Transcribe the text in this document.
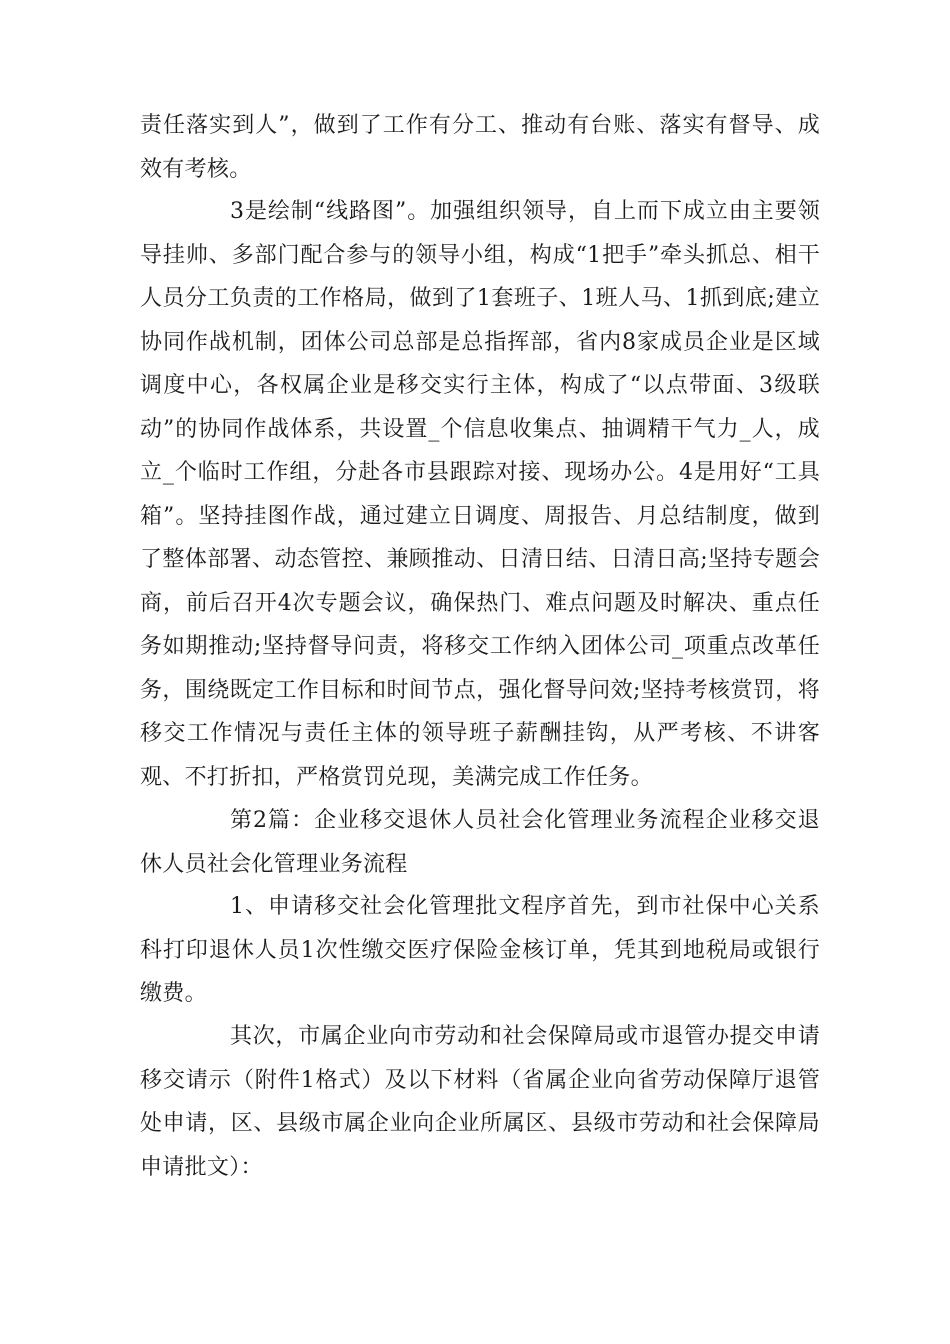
责任落实到人”，做到了工作有分工、推动有台账、落实有督导、成效有考核。

3是绘制“线路图”。加强组织领导，自上而下成立由主要领导挂帅、多部门配合参与的领导小组，构成“1把手”牵头抓总、相干人员分工负责的工作格局，做到了1套班子、1班人马、1抓到底;建立协同作战机制，团体公司总部是总指挥部，省内8家成员企业是区域调度中心，各权属企业是移交实行主体，构成了“以点带面、3级联动”的协同作战体系，共设置_个信息收集点、抽调精干气力_人，成立_个临时工作组，分赴各市县跟踪对接、现场办公。4是用好“工具箱”。坚持挂图作战，通过建立日调度、周报告、月总结制度，做到了整体部署、动态管控、兼顾推动、日清日结、日清日高;坚持专题会商，前后召开4次专题会议，确保热门、难点问题及时解决、重点任务如期推动;坚持督导问责，将移交工作纳入团体公司_项重点改革任务，围绕既定工作目标和时间节点，强化督导问效;坚持考核赏罚，将移交工作情况与责任主体的领导班子薪酬挂钩，从严考核、不讲客观、不打折扣，严格赏罚兑现，美满完成工作任务。

第2篇：企业移交退休人员社会化管理业务流程企业移交退休人员社会化管理业务流程

1、申请移交社会化管理批文程序首先，到市社保中心关系科打印退休人员1次性缴交医疗保险金核订单，凭其到地税局或银行缴费。

其次，市属企业向市劳动和社会保障局或市退管办提交申请移交请示（附件1格式）及以下材料（省属企业向省劳动保障厅退管处申请，区、县级市属企业向企业所属区、县级市劳动和社会保障局申请批文）：
